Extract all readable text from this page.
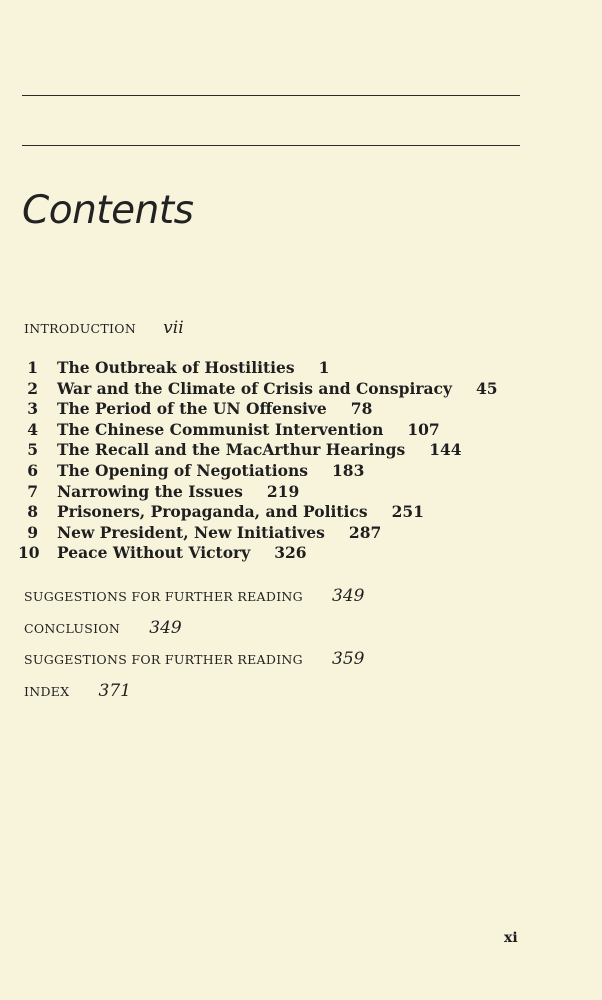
Contents
INTRODUCTION vii
1 The Outbreak of Hostilities 1
2 War and the Climate of Crisis and Conspiracy 45
3 The Period of the UN Offensive 78
4 The Chinese Communist Intervention 107
5 The Recall and the MacArthur Hearings 144
6 The Opening of Negotiations 183
7 Narrowing the Issues 219
8 Prisoners, Propaganda, and Politics 251
9 New President, New Initiatives 287
10 Peace Without Victory 326
SUGGESTIONS FOR FURTHER READING 349
CONCLUSION 349
SUGGESTIONS FOR FURTHER READING 359
INDEX 371
xi
